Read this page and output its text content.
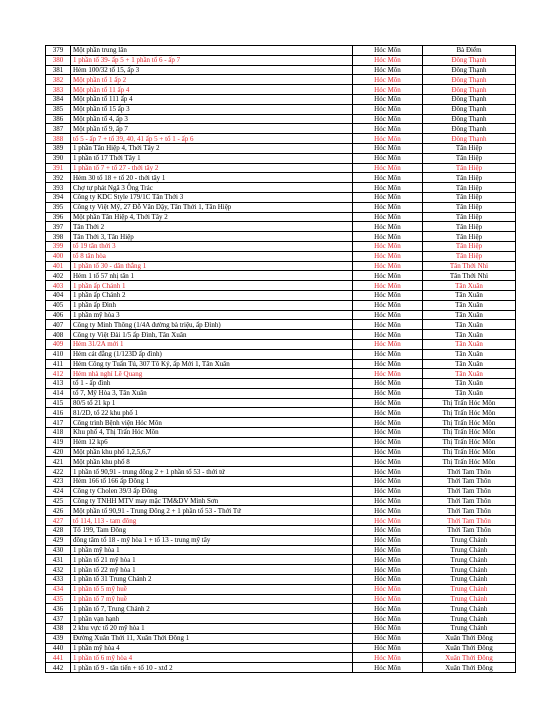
379	Một phần trung lân	Hóc Môn	Bà Điểm
380	1 phần tổ 39- ấp 5 + 1 phần tổ 6 - ấp 7	Hóc Môn	Đông Thạnh
381	Hẻm 100/32 tổ 15, ấp 3	Hóc Môn	Đông Thạnh
382	Một phần tổ 1 ấp 2	Hóc Môn	Đông Thạnh
383	Một phần tổ 11 ấp 4	Hóc Môn	Đông Thạnh
384	Một phần tổ 111 ấp 4	Hóc Môn	Đông Thạnh
385	Một phần tổ 15 ấp 3	Hóc Môn	Đông Thạnh
386	Một phần tổ 4, ấp 3	Hóc Môn	Đông Thạnh
387	Một phần tổ 9, ấp 7	Hóc Môn	Đông Thạnh
388	tổ 5 - ấp 7 + tổ 39, 40, 41 ấp 5 + tổ 1 - ấp 6	Hóc Môn	Đông Thạnh
389	1 phần Tân Hiệp 4, Thới Tây 2	Hóc Môn	Tân Hiệp
390	1 phần tổ 17 Thới Tây 1	Hóc Môn	Tân Hiệp
391	1 phần tổ 7 + tổ 27 - thới tây 2	Hóc Môn	Tân Hiệp
392	Hẻm 30 tổ 18 + tổ 20 - thới tây 1	Hóc Môn	Tân Hiệp
393	Chợ tự phát Ngã 3 Ông Trác	Hóc Môn	Tân Hiệp
394	Công ty KDC Style 179/1C Tân Thới 3	Hóc Môn	Tân Hiệp
395	Công ty Việt Mỹ, 27 Đỗ Văn Dậy, Tân Thới 1, Tân Hiệp	Hóc Môn	Tân Hiệp
396	Một phần Tân Hiệp 4, Thới Tây 2	Hóc Môn	Tân Hiệp
397	Tân Thới 2	Hóc Môn	Tân Hiệp
398	Tân Thới 3, Tân Hiệp	Hóc Môn	Tân Hiệp
399	tổ 19 tân thới 3	Hóc Môn	Tân Hiệp
400	tổ 8 tân hòa	Hóc Môn	Tân Hiệp
401	1 phần tổ 30 - dân thắng 1	Hóc Môn	Tân Thới Nhì
402	Hẻm 1 tổ 57 nhị tân 1	Hóc Môn	Tân Thới Nhì
403	1 phần ấp Chánh 1	Hóc Môn	Tân Xuân
404	1 phần ấp Chánh 2	Hóc Môn	Tân Xuân
405	1 phần ấp Đình	Hóc Môn	Tân Xuân
406	1 phần mỹ hòa 3	Hóc Môn	Tân Xuân
407	Công ty Minh Thông (1/4A đường bà triệu, ấp Đình)	Hóc Môn	Tân Xuân
408	Công ty Việt Đài 1/5 ấp Đình, Tân Xuân	Hóc Môn	Tân Xuân
409	Hẻm 31/2A mới 1	Hóc Môn	Tân Xuân
410	Hẻm cát đằng (1/123D ấp đình)	Hóc Môn	Tân Xuân
411	Hẻm Công ty Tuấn Tú, 307 Tô Ký, ấp Mới 1, Tân Xuân	Hóc Môn	Tân Xuân
412	Hẻm nhà nghỉ Lê Quang	Hóc Môn	Tân Xuân
413	tổ 1 - ấp đình	Hóc Môn	Tân Xuân
414	tổ 7, Mỹ Hòa 3, Tân Xuân	Hóc Môn	Tân Xuân
415	80/5 tổ 21 kp 1	Hóc Môn	Thị Trấn Hóc Môn
416	81/2D, tổ 22 khu phố 1	Hóc Môn	Thị Trấn Hóc Môn
417	Công trình Bệnh viện Hóc Môn	Hóc Môn	Thị Trấn Hóc Môn
418	Khu phố 4, Thị Trấn Hóc Môn	Hóc Môn	Thị Trấn Hóc Môn
419	Hẻm 12 kp6	Hóc Môn	Thị Trấn Hóc Môn
420	Một phần khu phố 1,2,5,6,7	Hóc Môn	Thị Trấn Hóc Môn
421	Một phần khu phố 8	Hóc Môn	Thị Trấn Hóc Môn
422	1 phần tổ 90,91 - trung đông 2 + 1 phần tổ 53 - thới tứ	Hóc Môn	Thới Tam Thôn
423	Hẻm 166 tổ 166 ấp Đông 1	Hóc Môn	Thới Tam Thôn
424	Công ty Cholen 39/3 ấp Đông	Hóc Môn	Thới Tam Thôn
425	Công ty TNHH MTV may mặc TM&DV Minh Sơn	Hóc Môn	Thới Tam Thôn
426	Một phần tổ 90,91 - Trung Đông 2 + 1 phần tổ 53 - Thới Tứ	Hóc Môn	Thới Tam Thôn
427	tổ 114, 113 - tam đông	Hóc Môn	Thới Tam Thôn
428	Tổ 199, Tam Đông	Hóc Môn	Thới Tam Thôn
429	đông tâm tổ 18 - mỹ hòa 1 + tổ 13 - trung mỹ tây	Hóc Môn	Trung Chánh
430	1 phần mỹ hòa 1	Hóc Môn	Trung Chánh
431	1 phần tổ 21 mỹ hòa 1	Hóc Môn	Trung Chánh
432	1 phần tổ 22 mỹ hòa 1	Hóc Môn	Trung Chánh
433	1 phần tổ 31 Trung Chánh 2	Hóc Môn	Trung Chánh
434	1 phần tổ 5 mỹ huề	Hóc Môn	Trung Chánh
435	1 phần tổ 7 mỹ huề	Hóc Môn	Trung Chánh
436	1 phần tổ 7, Trung Chánh 2	Hóc Môn	Trung Chánh
437	1 phần vạn hạnh	Hóc Môn	Trung Chánh
438	2 khu vực tổ 20 mỹ hòa 1	Hóc Môn	Trung Chánh
439	Đường Xuân Thới 11, Xuân Thới Đông 1	Hóc Môn	Xuân Thới Đông
440	1 phần mỹ hòa 4	Hóc Môn	Xuân Thới Đông
441	1 phần tổ 6 mỹ hòa 4	Hóc Môn	Xuân Thới Đông
442	1 phần tổ 9 - tân tiến + tổ 10 - xtđ 2	Hóc Môn	Xuân Thới Đông
